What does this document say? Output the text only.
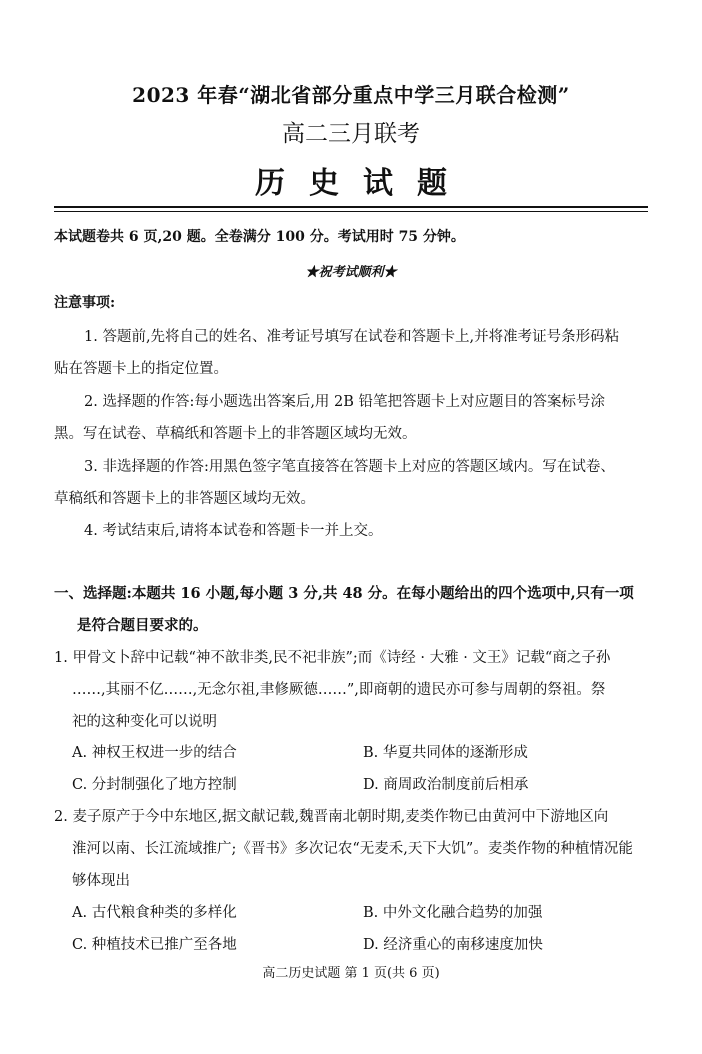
2023 年春“湖北省部分重点中学三月联合检测”
高二三月联考
历史试题
本试题卷共 6 页,20 题。全卷满分 100 分。考试用时 75 分钟。
★祝考试顺利★
注意事项:
1. 答题前,先将自己的姓名、准考证号填写在试卷和答题卡上,并将准考证号条形码粘
贴在答题卡上的指定位置。
2. 选择题的作答:每小题选出答案后,用 2B 铅笔把答题卡上对应题目的答案标号涂
黑。写在试卷、草稿纸和答题卡上的非答题区域均无效。
3. 非选择题的作答:用黑色签字笔直接答在答题卡上对应的答题区域内。写在试卷、
草稿纸和答题卡上的非答题区域均无效。
4. 考试结束后,请将本试卷和答题卡一并上交。
一、选择题:本题共 16 小题,每小题 3 分,共 48 分。在每小题给出的四个选项中,只有一项
是符合题目要求的。
1. 甲骨文卜辞中记载“神不歆非类,民不祀非族”;而《诗经 · 大雅 · 文王》记载“商之子孙
……,其丽不亿……,无念尔祖,聿修厥德……”,即商朝的遗民亦可参与周朝的祭祖。祭
祀的这种变化可以说明
A. 神权王权进一步的结合	B. 华夏共同体的逐渐形成
C. 分封制强化了地方控制	D. 商周政治制度前后相承
2. 麦子原产于今中东地区,据文献记载,魏晋南北朝时期,麦类作物已由黄河中下游地区向
淮河以南、长江流域推广;《晋书》多次记农“无麦禾,天下大饥”。麦类作物的种植情况能
够体现出
A. 古代粮食种类的多样化	B. 中外文化融合趋势的加强
C. 种植技术已推广至各地	D. 经济重心的南移速度加快
高二历史试题 第 1 页(共 6 页)
